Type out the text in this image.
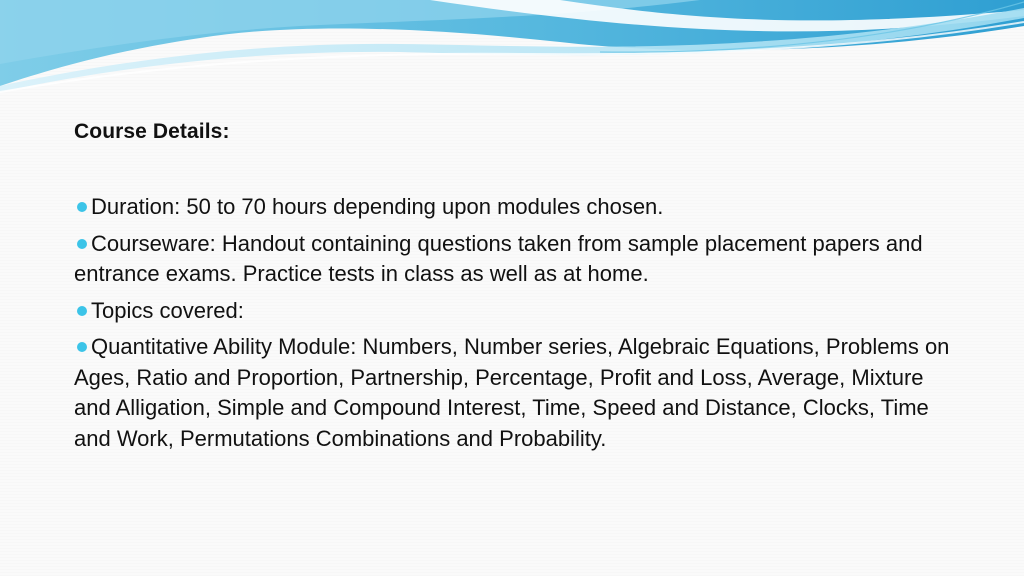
Course Details:
Duration: 50 to 70 hours depending upon modules chosen.
Courseware: Handout containing questions taken from sample placement papers and entrance exams. Practice tests in class as well as at home.
Topics covered:
Quantitative Ability Module: Numbers, Number series, Algebraic Equations, Problems on Ages, Ratio and Proportion, Partnership, Percentage, Profit and Loss, Average, Mixture and Alligation, Simple and Compound Interest, Time, Speed and Distance, Clocks, Time and Work, Permutations Combinations and Probability.
